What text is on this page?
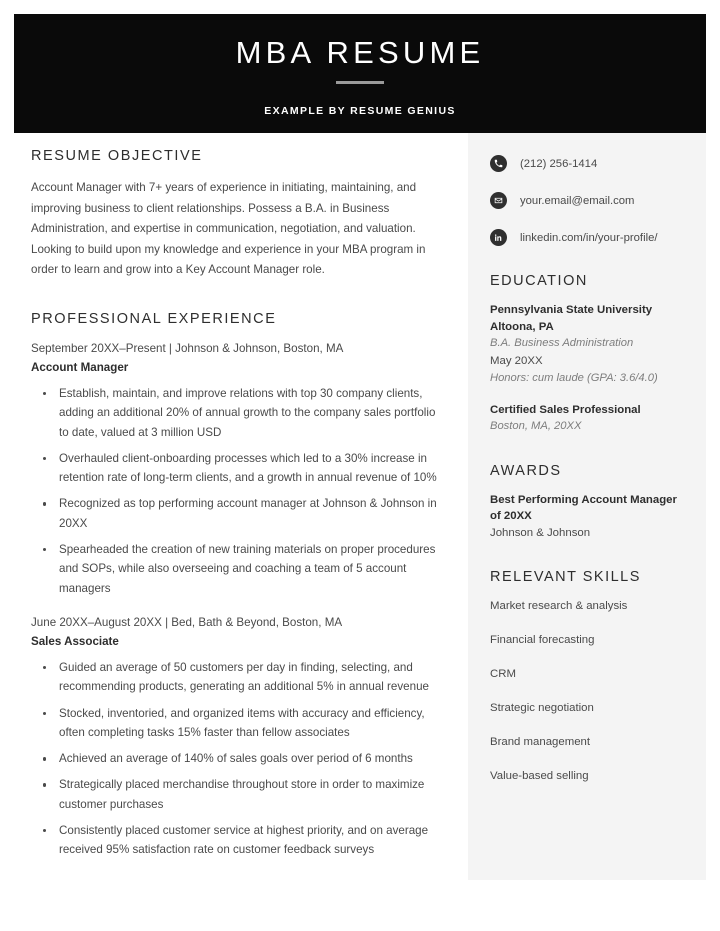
MBA RESUME
EXAMPLE BY RESUME GENIUS
RESUME OBJECTIVE

Account Manager with 7+ years of experience in initiating, maintaining, and improving business to client relationships. Possess a B.A. in Business Administration, and expertise in communication, negotiation, and valuation. Looking to build upon my knowledge and experience in your MBA program in order to learn and grow into a Key Account Manager role.

PROFESSIONAL EXPERIENCE

September 20XX–Present | Johnson & Johnson, Boston, MA

Account Manager

Establish, maintain, and improve relations with top 30 company clients, adding an additional 20% of annual growth to the company sales portfolio to date, valued at 3 million USD
Overhauled client-onboarding processes which led to a 30% increase in retention rate of long-term clients, and a growth in annual revenue of 10%
Recognized as top performing account manager at Johnson & Johnson in 20XX
Spearheaded the creation of new training materials on proper procedures and SOPs, while also overseeing and coaching a team of 5 account managers

June 20XX–August 20XX | Bed, Bath & Beyond, Boston, MA

Sales Associate

Guided an average of 50 customers per day in finding, selecting, and recommending products, generating an additional 5% in annual revenue
Stocked, inventoried, and organized items with accuracy and efficiency, often completing tasks 15% faster than fellow associates
Achieved an average of 140% of sales goals over period of 6 months
Strategically placed merchandise throughout store in order to maximize customer purchases
Consistently placed customer service at highest priority, and on average received 95% satisfaction rate on customer feedback surveys
(212) 256-1414
your.email@email.com
linkedin.com/in/your-profile/
EDUCATION

Pennsylvania State University

Altoona, PA

B.A. Business Administration

May 20XX

Honors: cum laude (GPA: 3.6/4.0)

Certified Sales Professional

Boston, MA, 20XX

AWARDS

Best Performing Account Manager

of 20XX

Johnson & Johnson

RELEVANT SKILLS
Market research & analysis
Financial forecasting
CRM
Strategic negotiation
Brand management
Value-based selling
